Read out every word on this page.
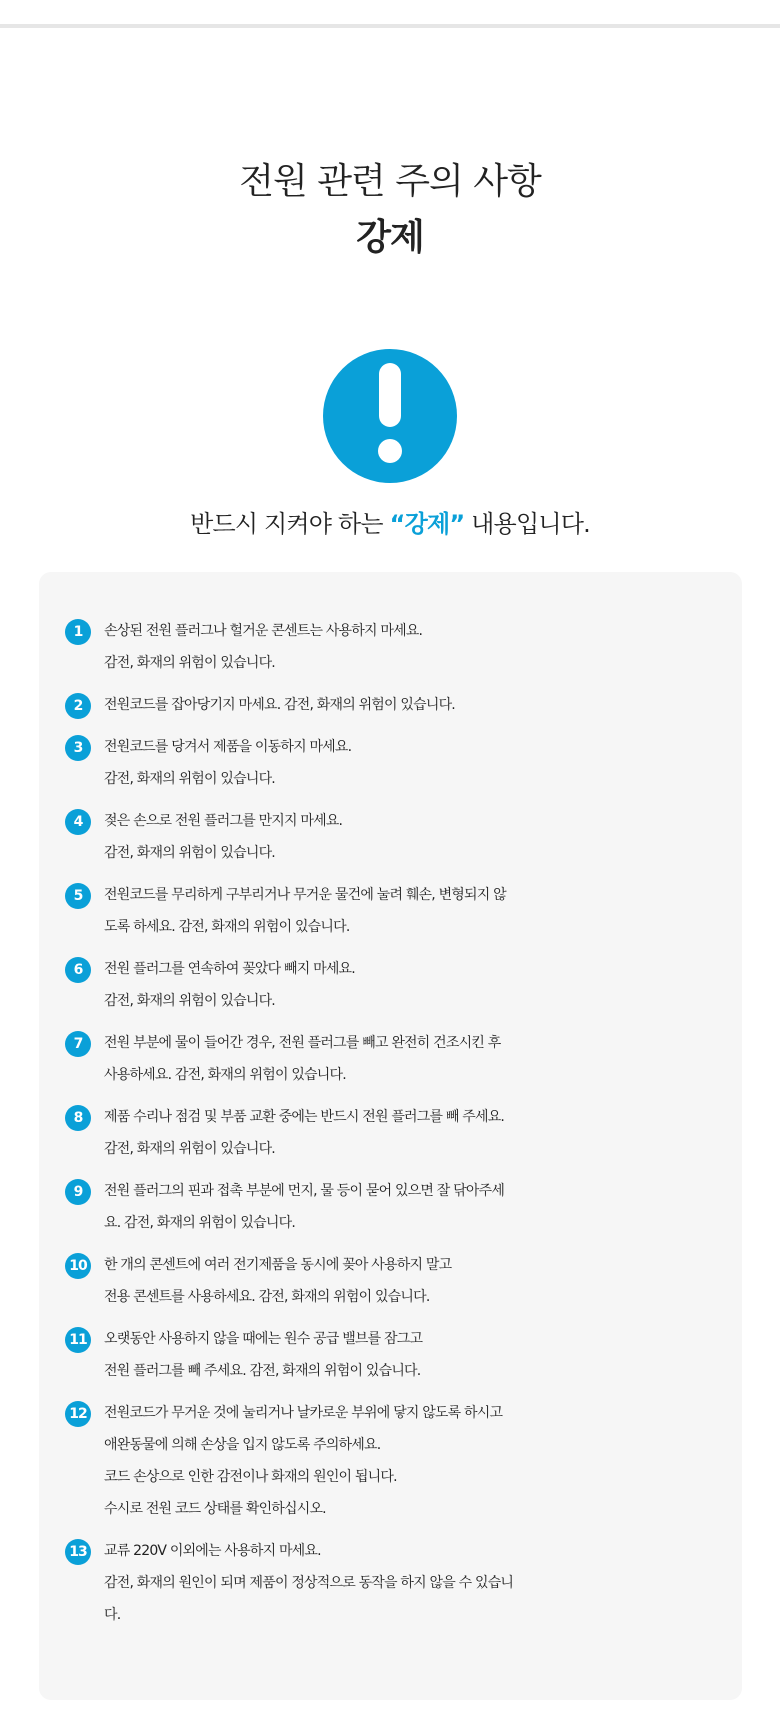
전원 관련 주의 사항
강제
반드시 지켜야 하는 “강제” 내용입니다.
1	손상된 전원 플러그나 헐거운 콘센트는 사용하지 마세요.
감전, 화재의 위험이 있습니다.
2	전원코드를 잡아당기지 마세요. 감전, 화재의 위험이 있습니다.
3	전원코드를 당겨서 제품을 이동하지 마세요.
감전, 화재의 위험이 있습니다.
4	젖은 손으로 전원 플러그를 만지지 마세요.
감전, 화재의 위험이 있습니다.
5	전원코드를 무리하게 구부리거나 무거운 물건에 눌려 훼손, 변형되지 않
도록 하세요. 감전, 화재의 위험이 있습니다.
6	전원 플러그를 연속하여 꽂았다 빼지 마세요.
감전, 화재의 위험이 있습니다.
7	전원 부분에 물이 들어간 경우, 전원 플러그를 빼고 완전히 건조시킨 후
사용하세요. 감전, 화재의 위험이 있습니다.
8	제품 수리나 점검 및 부품 교환 중에는 반드시 전원 플러그를 빼 주세요.
감전, 화재의 위험이 있습니다.
9	전원 플러그의 핀과 접촉 부분에 먼지, 물 등이 묻어 있으면 잘 닦아주세
요. 감전, 화재의 위험이 있습니다.
10	한 개의 콘센트에 여러 전기제품을 동시에 꽂아 사용하지 말고
전용 콘센트를 사용하세요. 감전, 화재의 위험이 있습니다.
11	오랫동안 사용하지 않을 때에는 원수 공급 밸브를 잠그고
전원 플러그를 빼 주세요. 감전, 화재의 위험이 있습니다.
12	전원코드가 무거운 것에 눌리거나 날카로운 부위에 닿지 않도록 하시고
애완동물에 의해 손상을 입지 않도록 주의하세요.
코드 손상으로 인한 감전이나 화재의 원인이 됩니다.
수시로 전원 코드 상태를 확인하십시오.
13	교류 220V 이외에는 사용하지 마세요.
감전, 화재의 원인이 되며 제품이 정상적으로 동작을 하지 않을 수 있습니
다.
